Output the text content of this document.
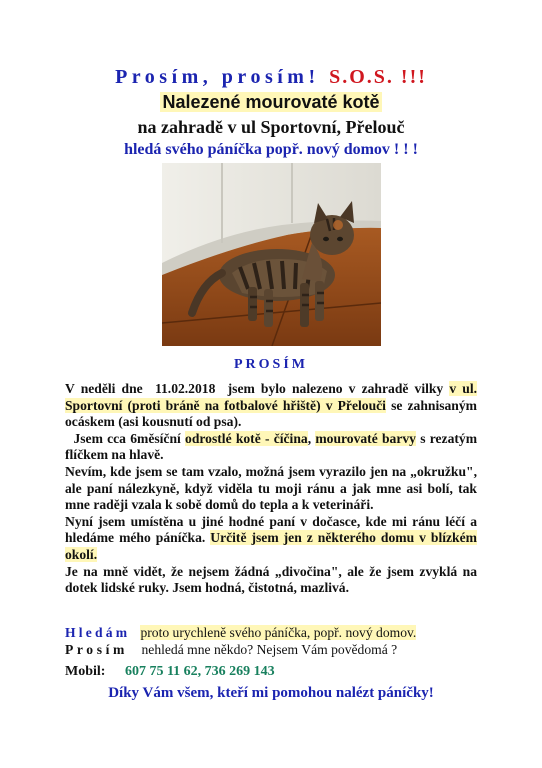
Prosím, prosím! S.O.S. !!!
Nalezené mourovaté kotě
na zahradě v ul Sportovní, Přelouč
hledá svého páníčka popř. nový domov ! ! !
PROSÍM

V neděli dne 11.02.2018 jsem bylo nalezeno v zahradě vilky v ul. Sportovní (proti bráně na fotbalové hřiště) v Přelouči se zahnisaným ocáskem (asi kousnutí od psa).

Jsem cca 6měsíční odrostlé kotě - číčina, mourovaté barvy s rezatým flíčkem na hlavě.

Nevím, kde jsem se tam vzalo, možná jsem vyrazilo jen na „okružku", ale paní nálezkyně, když viděla tu moji ránu a jak mne asi bolí, tak mne raději vzala k sobě domů do tepla a k veterináři.

Nyní jsem umístěna u jiné hodné paní v dočasce, kde mi ránu léčí a hledáme mého páníčka. Určitě jsem jen z některého domu v blízkém okolí.

Je na mně vidět, že nejsem žádná „divočina", ale že jsem zvyklá na dotek lidské ruky. Jsem hodná, čistotná, mazlivá.

Hledám proto urychleně svého páníčka, popř. nový domov.
Prosím nehledá mne někdo? Nejsem Vám povědomá ?
Mobil: 607 75 11 62, 736 269 143
Díky Vám všem, kteří mi pomohou nalézt páníčky!
